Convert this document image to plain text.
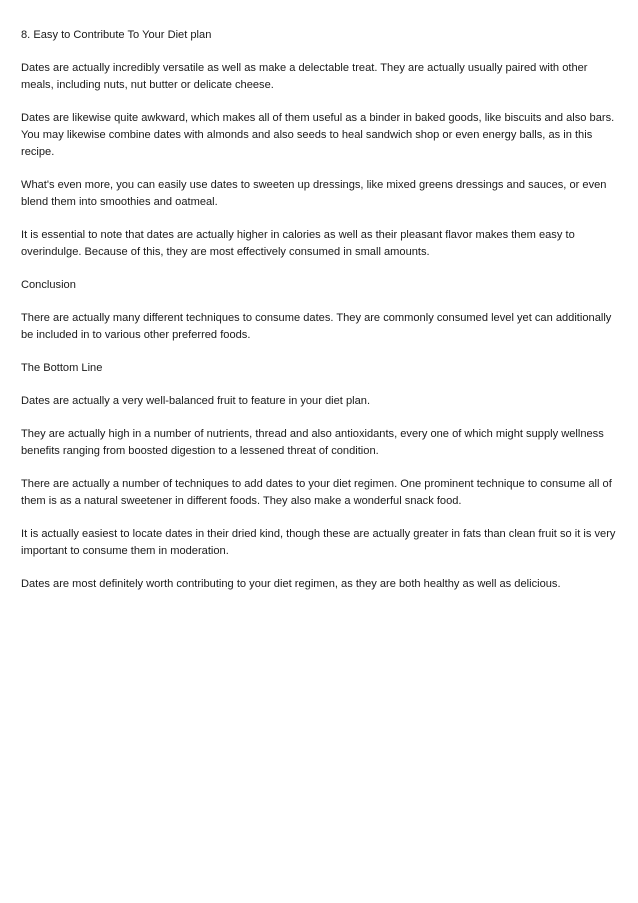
8. Easy to Contribute To Your Diet plan

Dates are actually incredibly versatile as well as make a delectable treat. They are actually usually paired with other meals, including nuts, nut butter or delicate cheese.

Dates are likewise quite awkward, which makes all of them useful as a binder in baked goods, like biscuits and also bars. You may likewise combine dates with almonds and also seeds to heal sandwich shop or even energy balls, as in this recipe.

What's even more, you can easily use dates to sweeten up dressings, like mixed greens dressings and sauces, or even blend them into smoothies and oatmeal.

It is essential to note that dates are actually higher in calories as well as their pleasant flavor makes them easy to overindulge. Because of this, they are most effectively consumed in small amounts.

Conclusion

There are actually many different techniques to consume dates. They are commonly consumed level yet can additionally be included in to various other preferred foods.

The Bottom Line

Dates are actually a very well-balanced fruit to feature in your diet plan.

They are actually high in a number of nutrients, thread and also antioxidants, every one of which might supply wellness benefits ranging from boosted digestion to a lessened threat of condition.

There are actually a number of techniques to add dates to your diet regimen. One prominent technique to consume all of them is as a natural sweetener in different foods. They also make a wonderful snack food.

It is actually easiest to locate dates in their dried kind, though these are actually greater in fats than clean fruit so it is very important to consume them in moderation.

Dates are most definitely worth contributing to your diet regimen, as they are both healthy as well as delicious.
